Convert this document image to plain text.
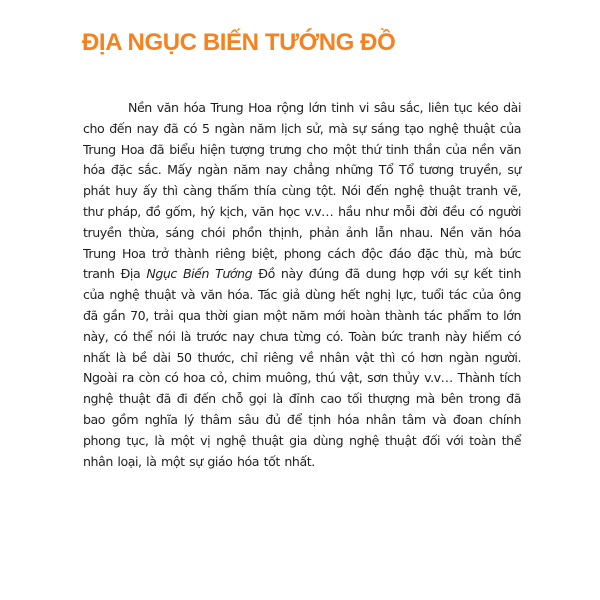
ĐỊA NGỤC BIẾN TƯỚNG ĐỒ

Nền văn hóa Trung Hoa rộng lớn tinh vi sâu sắc, liên tục kéo dài cho đến nay đã có 5 ngàn năm lịch sử, mà sự sáng tạo nghệ thuật của Trung Hoa đã biểu hiện tượng trưng cho một thứ tinh thần của nền văn hóa đặc sắc. Mấy ngàn năm nay chẳng những Tổ Tổ tương truyền, sự phát huy ấy thì càng thấm thía cùng tột. Nói đến nghệ thuật tranh vẽ, thư pháp, đồ gốm, hý kịch, văn học v.v… hầu như mỗi đời đều có người truyền thừa, sáng chói phồn thịnh, phản ảnh lẫn nhau. Nền văn hóa Trung Hoa trở thành riêng biệt, phong cách độc đáo đặc thù, mà bức tranh Địa Ngục Biến Tướng Đồ này đúng đã dung hợp với sự kết tinh của nghệ thuật và văn hóa. Tác giả dùng hết nghị lực, tuổi tác của ông đã gần 70, trải qua thời gian một năm mới hoàn thành tác phẩm to lớn này, có thể nói là trước nay chưa từng có. Toàn bức tranh này hiếm có nhất là bề dài 50 thước, chỉ riêng về nhân vật thì có hơn ngàn người. Ngoài ra còn có hoa cỏ, chim muông, thú vật, sơn thủy v.v… Thành tích nghệ thuật đã đi đến chỗ gọi là đỉnh cao tối thượng mà bên trong đã bao gồm nghĩa lý thâm sâu đủ để tịnh hóa nhân tâm và đoan chính phong tục, là một vị nghệ thuật gia dùng nghệ thuật đối với toàn thể nhân loại, là một sự giáo hóa tốt nhất.
